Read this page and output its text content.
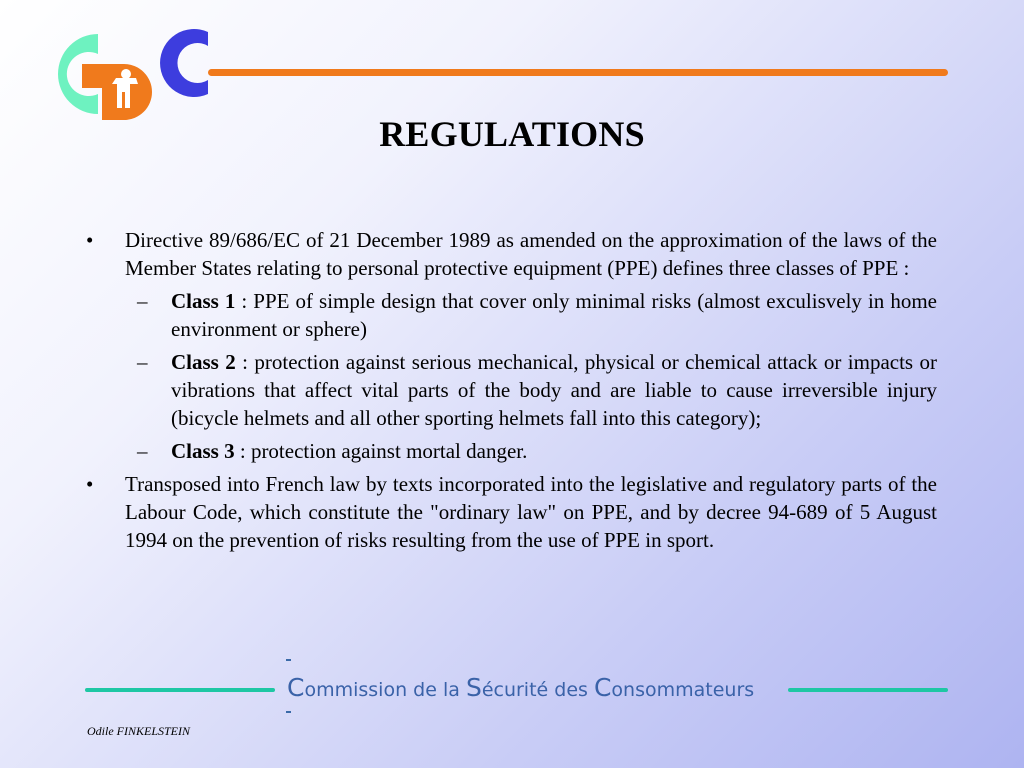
REGULATIONS
• Directive 89/686/EC of 21 December 1989 as amended on the approximation of the laws of the Member States relating to personal protective equipment (PPE) defines three classes of PPE :
– Class 1 : PPE of simple design that cover only minimal risks (almost exculisvely in home environment or sphere)
– Class 2 : protection against serious mechanical, physical or chemical attack or impacts or vibrations that affect vital parts of the body and are liable to cause irreversible injury (bicycle helmets and all other sporting helmets fall into this category);
– Class 3 : protection against mortal danger.
• Transposed into French law by texts incorporated into the legislative and regulatory parts of the Labour Code, which constitute the "ordinary law" on PPE, and by decree 94-689 of 5 August 1994 on the prevention of risks resulting from the use of PPE in sport.
Commission de la Sécurité des Consommateurs
Odile FINKELSTEIN
